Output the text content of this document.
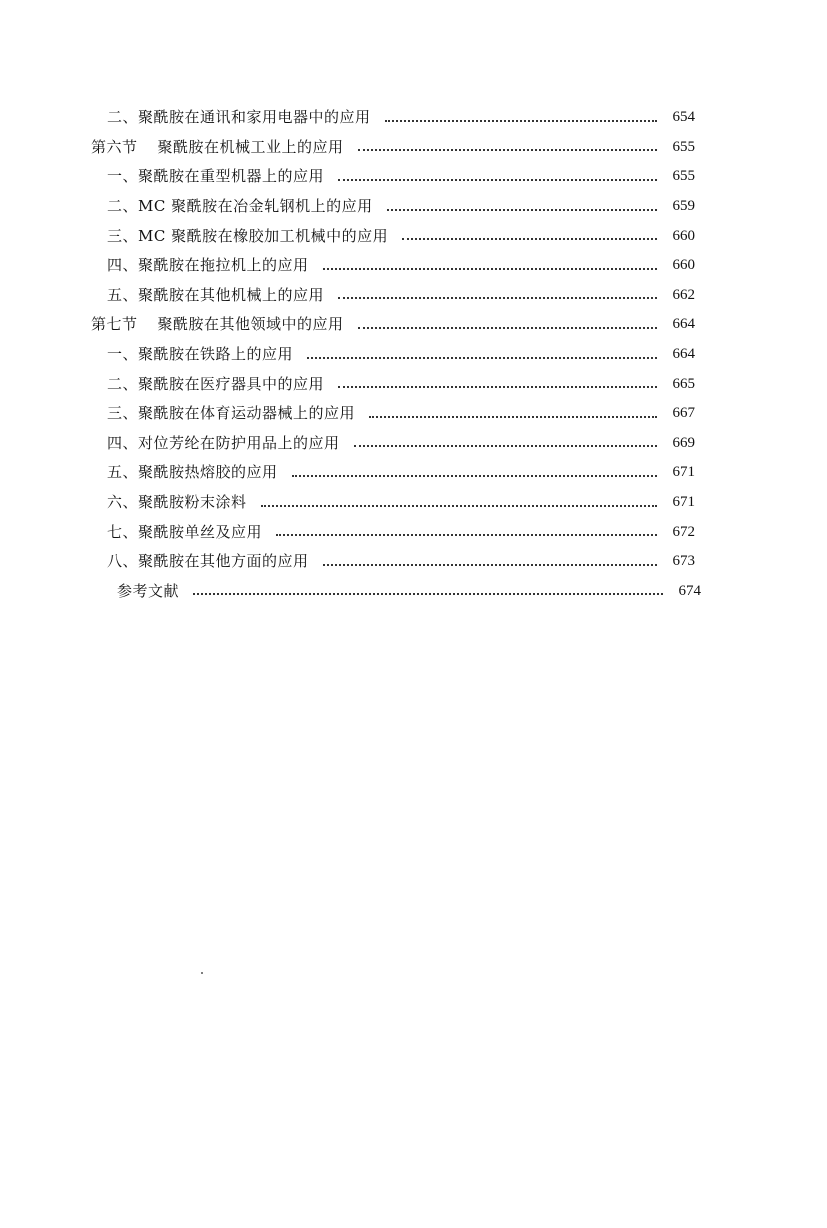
二、聚酰胺在通讯和家用电器中的应用	654
第六节 聚酰胺在机械工业上的应用	655
一、聚酰胺在重型机器上的应用	655
二、MC 聚酰胺在冶金轧钢机上的应用	659
三、MC 聚酰胺在橡胶加工机械中的应用	660
四、聚酰胺在拖拉机上的应用	660
五、聚酰胺在其他机械上的应用	662
第七节 聚酰胺在其他领域中的应用	664
一、聚酰胺在铁路上的应用	664
二、聚酰胺在医疗器具中的应用	665
三、聚酰胺在体育运动器械上的应用	667
四、对位芳纶在防护用品上的应用	669
五、聚酰胺热熔胶的应用	671
六、聚酰胺粉末涂料	671
七、聚酰胺单丝及应用	672
八、聚酰胺在其他方面的应用	673
参考文献	674
